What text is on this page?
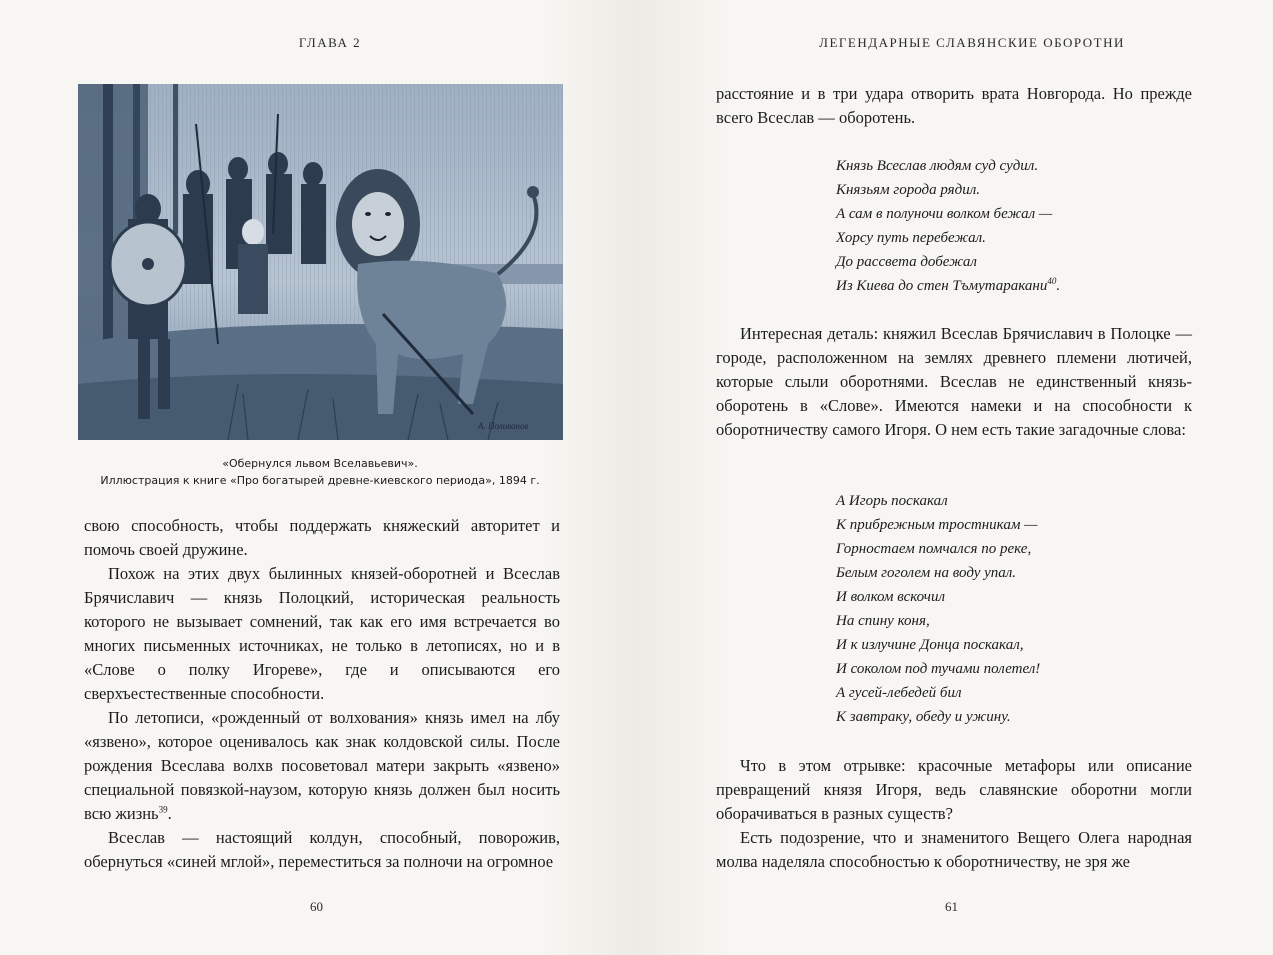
ГЛАВА 2
А. Поливанов
«Обернулся львом Вселавьевич».
Иллюстрация к книге «Про богатырей древне-киевского периода», 1894 г.

свою способность, чтобы поддержать княжеский авторитет и помочь своей дружине.

Похож на этих двух былинных князей-оборотней и Всеслав Брячиславич — князь Полоцкий, историческая реальность которого не вызывает сомнений, так как его имя встречается во многих письменных источниках, не только в летописях, но и в «Слове о полку Игореве», где и описываются его сверхъестественные способности.

По летописи, «рожденный от волхования» князь имел на лбу «язвено», которое оценивалось как знак колдовской силы. После рождения Всеслава волхв посоветовал матери закрыть «язвено» специальной повязкой-наузом, которую князь должен был носить всю жизнь$^{39}$.

Всеслав — настоящий колдун, способный, поворожив, обернуться «синей мглой», переместиться за полночи на огромное

60
ЛЕГЕНДАРНЫЕ СЛАВЯНСКИЕ ОБОРОТНИ

расстояние и в три удара отворить врата Новгорода. Но прежде всего Всеслав — оборотень.

Князь Всеслав людям суд судил.
Князьям города рядил.
А сам в полуночи волком бежал —
Хорсу путь перебежал.
До рассвета добежал
Из Киева до стен Тъмутаракани$^{40}$.

Интересная деталь: княжил Всеслав Брячиславич в Полоцке — городе, расположенном на землях древнего племени лютичей, которые слыли оборотнями. Всеслав не единственный князь-оборотень в «Слове». Имеются намеки и на способности к оборотничеству самого Игоря. О нем есть такие загадочные слова:

А Игорь поскакал
К прибрежным тростникам —
Горностаем помчался по реке,
Белым гоголем на воду упал.
И волком вскочил
На спину коня,
И к излучине Донца поскакал,
И соколом под тучами полетел!
А гусей-лебедей бил
К завтраку, обеду и ужину.

Что в этом отрывке: красочные метафоры или описание превращений князя Игоря, ведь славянские оборотни могли оборачиваться в разных существ?

Есть подозрение, что и знаменитого Вещего Олега народная молва наделяла способностью к оборотничеству, не зря же

61
